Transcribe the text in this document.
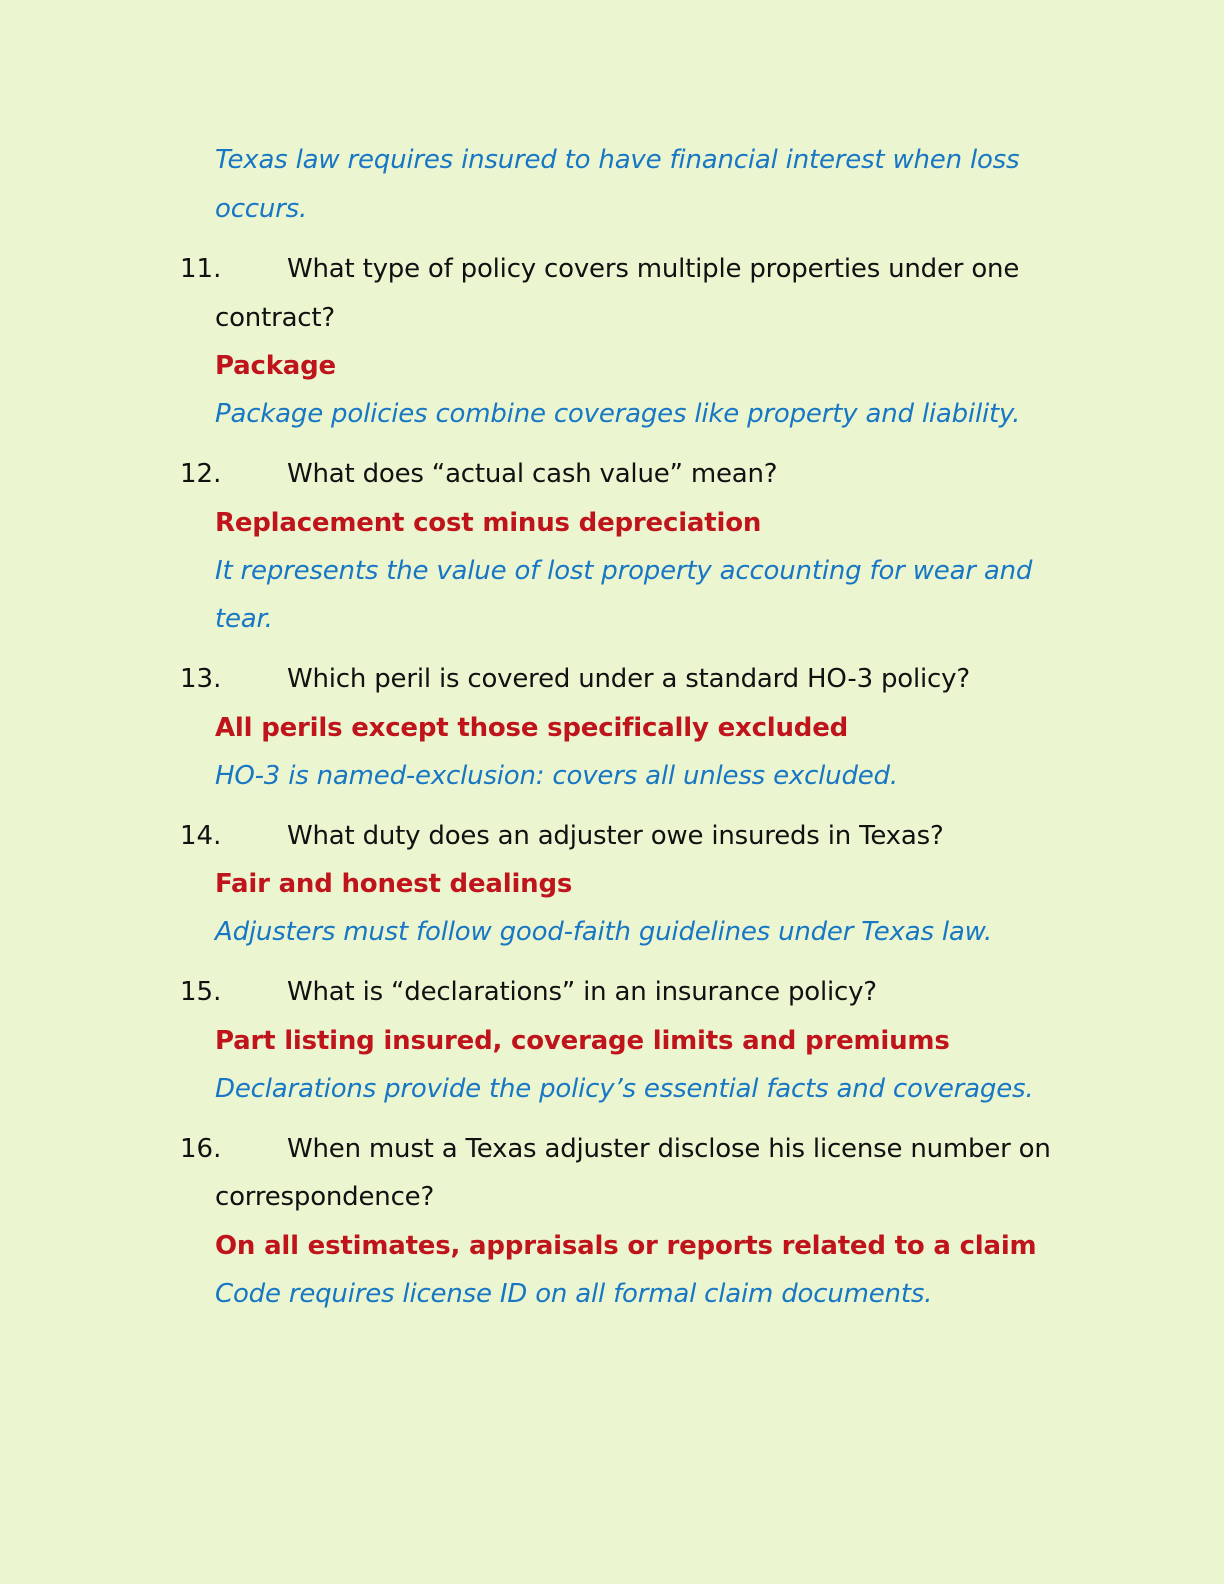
Texas law requires insured to have financial interest when loss
occurs.
11.	What type of policy covers multiple properties under one
contract?
Package
Package policies combine coverages like property and liability.
12.	What does “actual cash value” mean?
Replacement cost minus depreciation
It represents the value of lost property accounting for wear and
tear.
13.	Which peril is covered under a standard HO-3 policy?
All perils except those specifically excluded
HO-3 is named-exclusion: covers all unless excluded.
14.	What duty does an adjuster owe insureds in Texas?
Fair and honest dealings
Adjusters must follow good-faith guidelines under Texas law.
15.	What is “declarations” in an insurance policy?
Part listing insured, coverage limits and premiums
Declarations provide the policy’s essential facts and coverages.
16.	When must a Texas adjuster disclose his license number on
correspondence?
On all estimates, appraisals or reports related to a claim
Code requires license ID on all formal claim documents.
